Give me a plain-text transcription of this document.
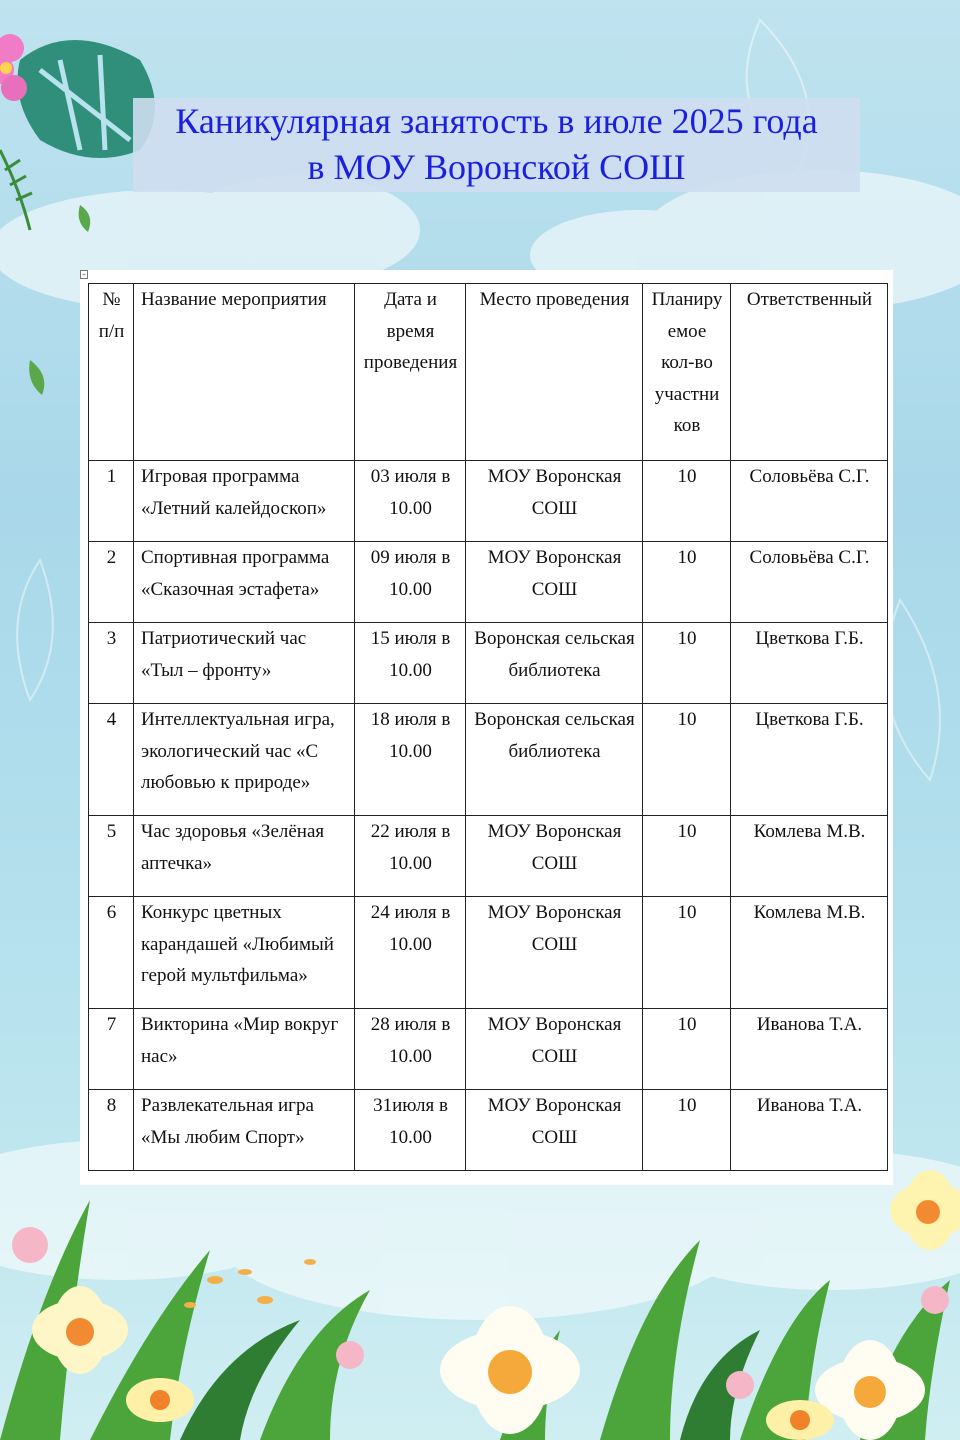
Каникулярная занятость в июле 2025 года
в МОУ Воронской СОШ
+
№ п/п	Название мероприятия	Дата и время проведения	Место проведения	Планиру емое кол-во участни ков	Ответственный
1	Игровая программа «Летний калейдоскоп»	03 июля в 10.00	МОУ Воронская СОШ	10	Соловьёва С.Г.
2	Спортивная программа «Сказочная эстафета»	09 июля в 10.00	МОУ Воронская СОШ	10	Соловьёва С.Г.
3	Патриотический час «Тыл – фронту»	15 июля в 10.00	Воронская сельская библиотека	10	Цветкова Г.Б.
4	Интеллектуальная игра, экологический час «С любовью к природе»	18 июля в 10.00	Воронская сельская библиотека	10	Цветкова Г.Б.
5	Час здоровья «Зелёная аптечка»	22 июля в 10.00	МОУ Воронская СОШ	10	Комлева М.В.
6	Конкурс цветных карандашей «Любимый герой мультфильма»	24 июля в 10.00	МОУ Воронская СОШ	10	Комлева М.В.
7	Викторина «Мир вокруг нас»	28 июля в 10.00	МОУ Воронская СОШ	10	Иванова Т.А.
8	Развлекательная игра «Мы любим Спорт»	31июля в 10.00	МОУ Воронская СОШ	10	Иванова Т.А.
